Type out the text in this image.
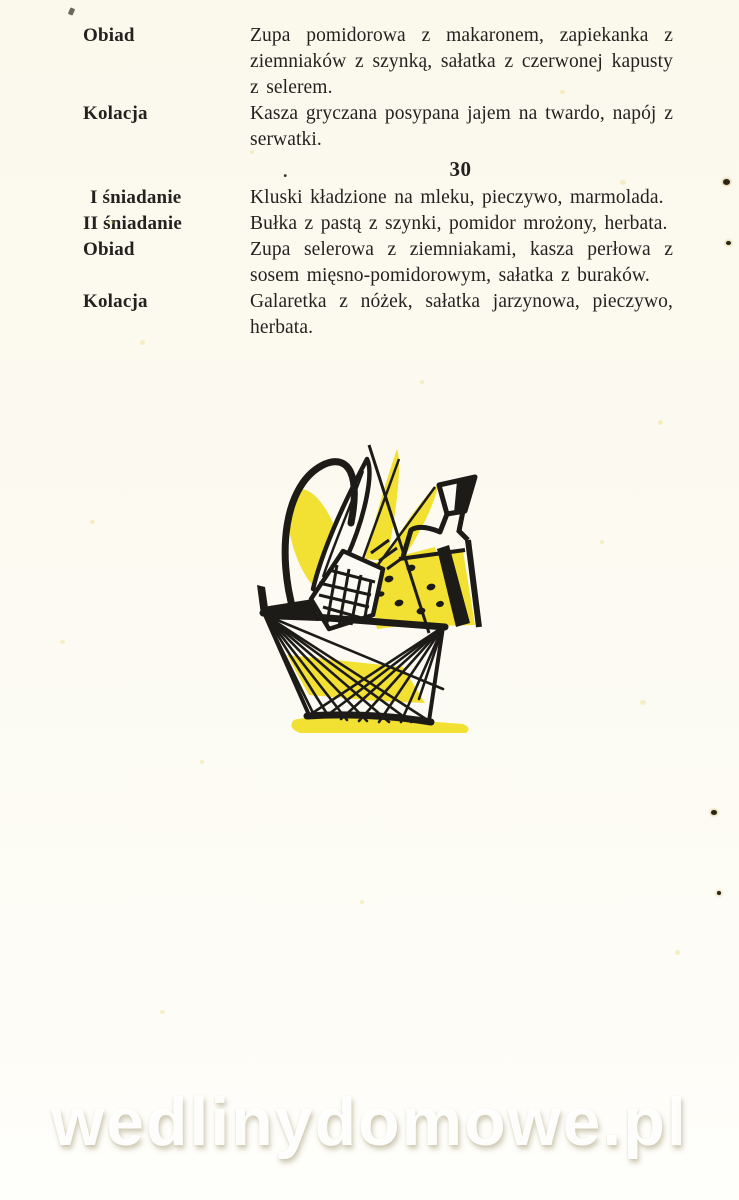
Obiad	Zupa pomidorowa z makaronem, zapiekanka z ziemniaków z szynką, sałatka z czerwonej kapusty z selerem.
Kolacja	Kasza gryczana posypana jajem na twardo, napój z serwatki.
.	30
I śniadanie	Kluski kładzione na mleku, pieczywo, marmolada.
II śniadanie	Bułka z pastą z szynki, pomidor mrożony, herbata.
Obiad	Zupa selerowa z ziemniakami, kasza perłowa z sosem mięsno-pomidorowym, sałatka z buraków.
Kolacja	Galaretka z nóżek, sałatka jarzynowa, pieczywo, herbata.
wedlinydomowe.pl
